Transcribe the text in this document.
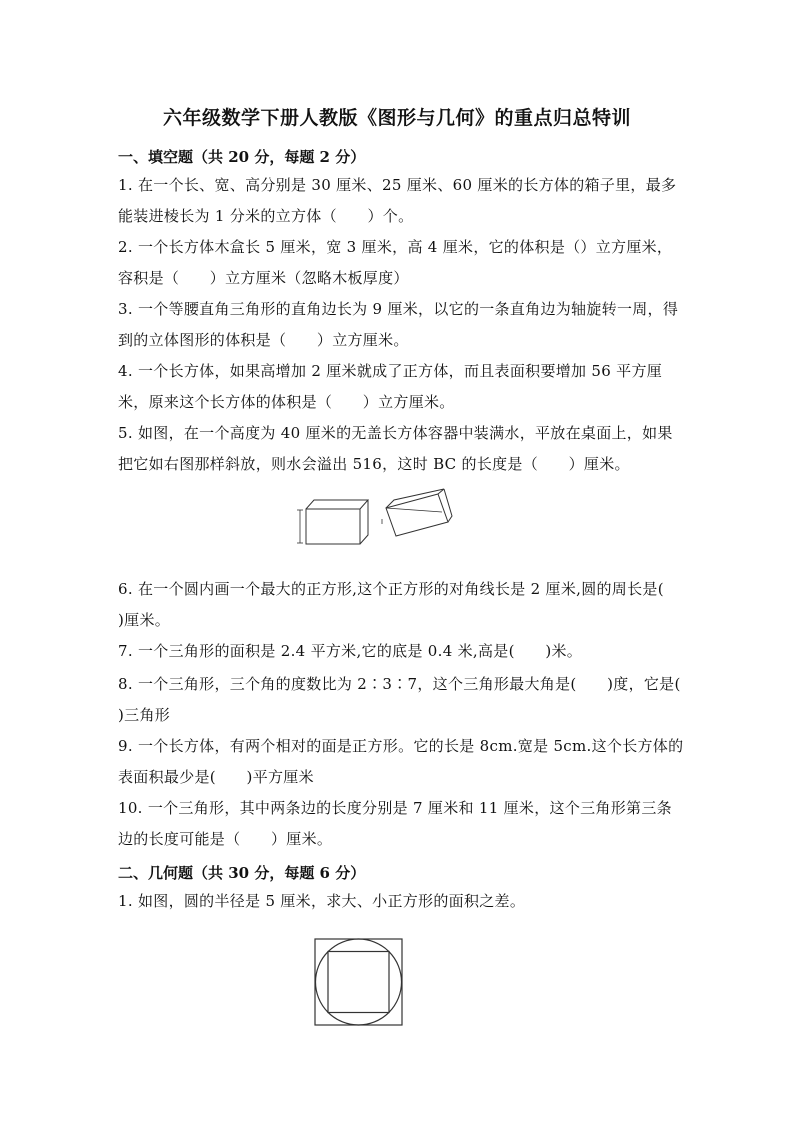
六年级数学下册人教版《图形与几何》的重点归总特训
一、填空题（共 20 分，每题 2 分）
1. 在一个长、宽、高分别是 30 厘米、25 厘米、60 厘米的长方体的箱子里，最多能装进棱长为 1 分米的立方体（　　）个。
2. 一个长方体木盒长 5 厘米，宽 3 厘米，高 4 厘米，它的体积是（）立方厘米，容积是（　　）立方厘米（忽略木板厚度）
3. 一个等腰直角三角形的直角边长为 9 厘米，以它的一条直角边为轴旋转一周，得到的立体图形的体积是（　　）立方厘米。
4. 一个长方体，如果高增加 2 厘米就成了正方体，而且表面积要增加 56 平方厘米，原来这个长方体的体积是（　　）立方厘米。
5. 如图，在一个高度为 40 厘米的无盖长方体容器中装满水，平放在桌面上，如果把它如右图那样斜放，则水会溢出 516，这时 BC 的长度是（　　）厘米。
6. 在一个圆内画一个最大的正方形,这个正方形的对角线长是 2 厘米,圆的周长是(　　)厘米。
7. 一个三角形的面积是 2.4 平方米,它的底是 0.4 米,高是(　　)米。
8. 一个三角形，三个角的度数比为 2∶3∶7，这个三角形最大角是(　　)度，它是(　　　)三角形
9. 一个长方体，有两个相对的面是正方形。它的长是 8cm.宽是 5cm.这个长方体的表面积最少是(　　)平方厘米
10. 一个三角形，其中两条边的长度分别是 7 厘米和 11 厘米，这个三角形第三条边的长度可能是（　　）厘米。
二、几何题（共 30 分，每题 6 分）
1. 如图，圆的半径是 5 厘米，求大、小正方形的面积之差。
